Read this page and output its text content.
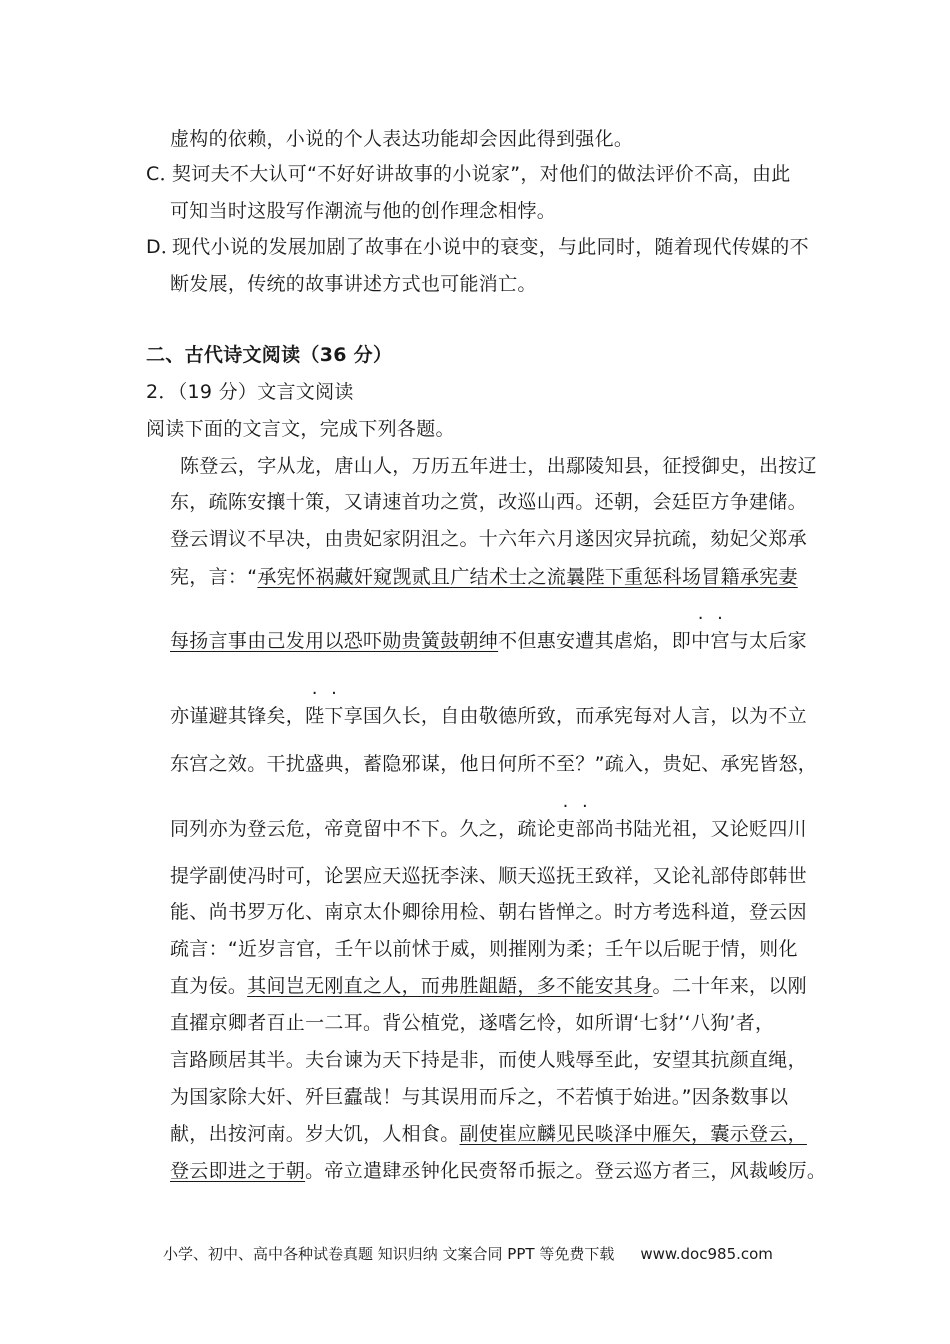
虚构的依赖，小说的个人表达功能却会因此得到强化。
C．
契诃夫不大认可“不好好讲故事的小说家”，对他们的做法评价不高，由此
可知当时这股写作潮流与他的创作理念相悖。
D．
现代小说的发展加剧了故事在小说中的衰变，与此同时，随着现代传媒的不
断发展，传统的故事讲述方式也可能消亡。
二、古代诗文阅读（36 分）
2．（19 分）文言文阅读
阅读下面的文言文，完成下列各题。
陈登云，字从龙，唐山人，万历五年进士，出鄢陵知县，征授御史，出按辽
东，疏陈安攘十策，又请速首功之赏，改巡山西。还朝，会廷臣方争建储。
登云谓议不早决，由贵妃家阴沮之。十六年六月遂因灾异抗疏，劾妃父郑承
宪，言：“承宪怀祸藏奸窥觊贰且广结术士之流曩陛下重惩科场冒籍承宪妻
每扬言事由己发用以恐吓勋贵簧鼓朝绅不但惠安遭其虐焰，即中宫与太后家
亦谨避其锋矣，陛下享国久长，自由敬德所致，而承宪每对人言，以为不立
东宫之效。干扰盛典，蓄隐邪谋，他日何所不至？”疏入，贵妃、承宪皆怒，
同列亦为登云危，帝竟留中不下。久之，疏论吏部尚书陆光祖，又论贬四川
提学副使冯时可，论罢应天巡抚李涞、顺天巡抚王致祥，又论礼部侍郎韩世
能、尚书罗万化、南京太仆卿徐用检、朝右皆惮之。时方考选科道，登云因
疏言：“近岁言官，壬午以前怵于威，则摧刚为柔；壬午以后昵于情，则化
直为佞。其间岂无刚直之人，而弗胜龃龉，多不能安其身。二十年来，以刚
直擢京卿者百止一二耳。背公植党，遂嗜乞怜，如所谓‘七豺’‘八狗’者，
言路顾居其半。夫台谏为天下持是非，而使人贱辱至此，安望其抗颜直绳，
为国家除大奸、歼巨蠹哉！与其误用而斥之，不若慎于始进。”因条数事以
献，出按河南。岁大饥，人相食。副使崔应麟见民啖泽中雁矢，囊示登云，
登云即进之于朝。帝立遣肆丞钟化民赍帑币振之。登云巡方者三，风裁峻厉。
小学、初中、高中各种试卷真题 知识归纳 文案合同 PPT 等免费下载 www.doc985.com
